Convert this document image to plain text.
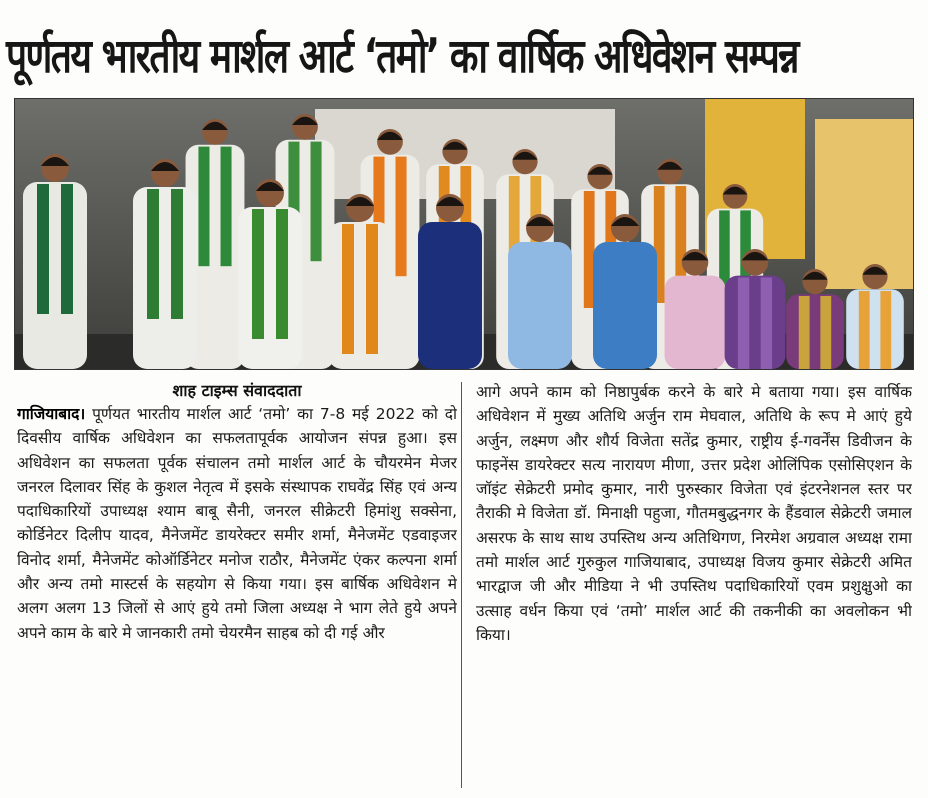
पूर्णतय भारतीय मार्शल आर्ट ‘तमो’ का वार्षिक अधिवेशन सम्पन्न

शाह टाइम्स संवाददाता

गाजियाबाद। पूर्णयत भारतीय मार्शल आर्ट ‘तमो’ का 7-8 मई 2022 को दो दिवसीय वार्षिक अधिवेशन का सफलतापूर्वक आयोजन संपन्न हुआ। इस अधिवेशन का सफलता पूर्वक संचालन तमो मार्शल आर्ट के चौयरमेन मेजर जनरल दिलावर सिंह के कुशल नेतृत्व में इसके संस्थापक राघवेंद्र सिंह एवं अन्य पदाधिकारियों उपाध्यक्ष श्याम बाबू सैनी, जनरल सीक्रेटरी हिमांशु सक्सेना, कोर्डिनेटर दिलीप यादव, मैनेजमेंट डायरेक्टर समीर शर्मा, मैनेजमेंट एडवाइजर विनोद शर्मा, मैनेजमेंट कोऑर्डिनेटर मनोज राठौर, मैनेजमेंट एंकर कल्पना शर्मा और अन्य तमो मास्टर्स के सहयोग से किया गया। इस बार्षिक अधिवेशन मे अलग अलग 13 जिलों से आएं हुये तमो जिला अध्यक्ष ने भाग लेते हुये अपने अपने काम के बारे मे जानकारी तमो चेयरमैन साहब को दी गई और

आगे अपने काम को निष्ठापुर्बक करने के बारे मे बताया गया। इस वार्षिक अधिवेशन में मुख्य अतिथि अर्जुन राम मेघवाल, अतिथि के रूप मे आएं हुये अर्जुन, लक्ष्मण और शौर्य विजेता सतेंद्र कुमार, राष्ट्रीय ई-गवर्नेंस डिवीजन के फाइनेंस डायरेक्टर सत्य नारायण मीणा, उत्तर प्रदेश ओलिंपिक एसोसिएशन के जॉइंट सेक्रेटरी प्रमोद कुमार, नारी पुरुस्कार विजेता एवं इंटरनेशनल स्तर पर तैराकी मे विजेता डॉ. मिनाक्षी पहुजा, गौतमबुद्धनगर के हैंडवाल सेक्रेटरी जमाल असरफ के साथ साथ उपस्तिथ अन्य अतिथिगण, निरमेश अग्रवाल अध्यक्ष रामा तमो मार्शल आर्ट गुरुकुल गाजियाबाद, उपाध्यक्ष विजय कुमार सेक्रेटरी अमित भारद्वाज जी और मीडिया ने भी उपस्तिथ पदाधिकारियों एवम प्रशुक्षुओ का उत्साह वर्धन किया एवं ‘तमो’ मार्शल आर्ट की तकनीकी का अवलोकन भी किया।
